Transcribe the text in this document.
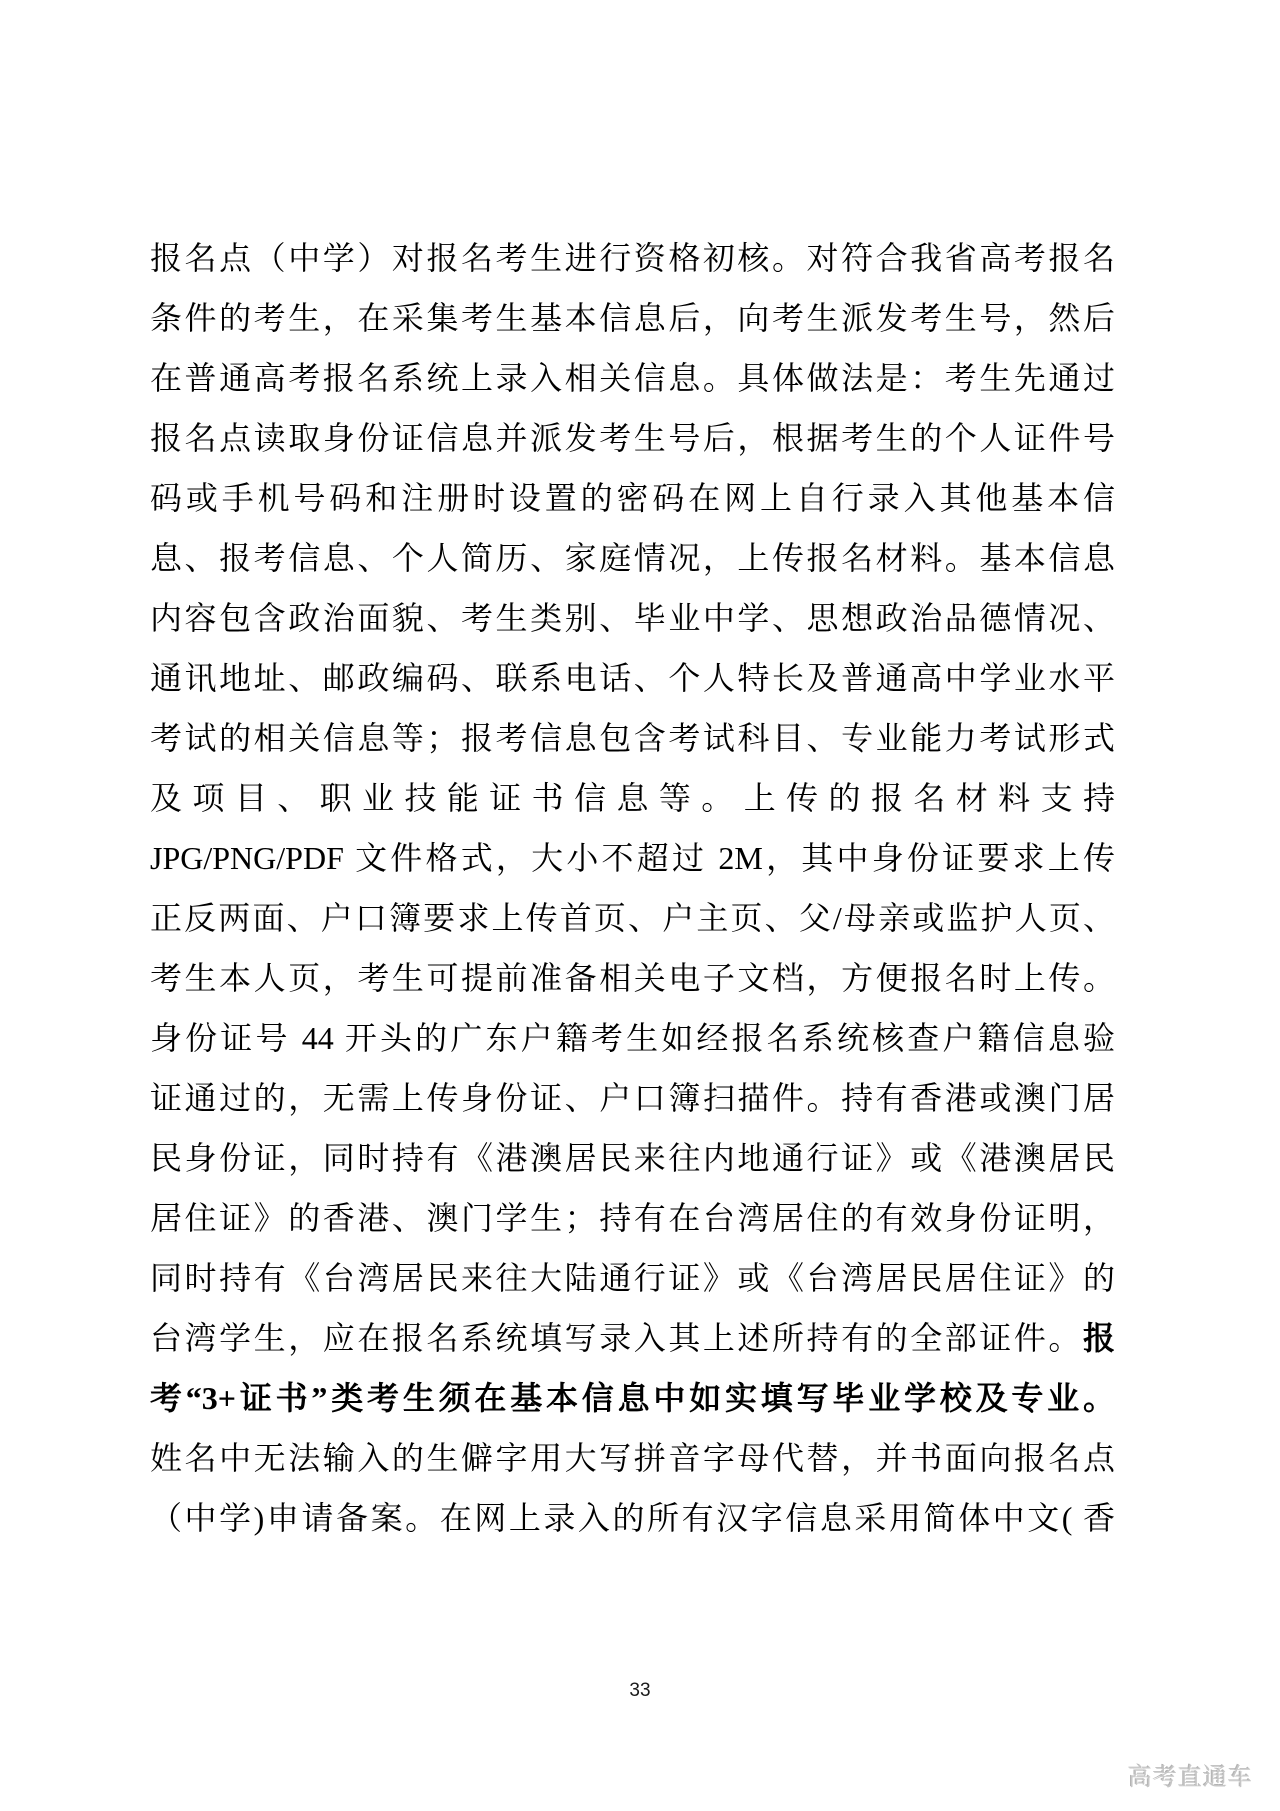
报名点（中学）对报名考生进行资格初核。对符合我省高考报名
条件的考生，在采集考生基本信息后，向考生派发考生号，然后
在普通高考报名系统上录入相关信息。具体做法是：考生先通过
报名点读取身份证信息并派发考生号后，根据考生的个人证件号
码或手机号码和注册时设置的密码在网上自行录入其他基本信
息、报考信息、个人简历、家庭情况，上传报名材料。基本信息
内容包含政治面貌、考生类别、毕业中学、思想政治品德情况、
通讯地址、邮政编码、联系电话、个人特长及普通高中学业水平
考试的相关信息等；报考信息包含考试科目、专业能力考试形式
及项目、职业技能证书信息等。上传的报名材料支持
JPG/PNG/PDF 文件格式，大小不超过 2M，其中身份证要求上传
正反两面、户口簿要求上传首页、户主页、父/母亲或监护人页、
考生本人页，考生可提前准备相关电子文档，方便报名时上传。
身份证号 44 开头的广东户籍考生如经报名系统核查户籍信息验
证通过的，无需上传身份证、户口簿扫描件。持有香港或澳门居
民身份证，同时持有《港澳居民来往内地通行证》或《港澳居民
居住证》的香港、澳门学生；持有在台湾居住的有效身份证明，
同时持有《台湾居民来往大陆通行证》或《台湾居民居住证》的
台湾学生，应在报名系统填写录入其上述所持有的全部证件。报
考“3+证书”类考生须在基本信息中如实填写毕业学校及专业。
姓名中无法输入的生僻字用大写拼音字母代替，并书面向报名点
（中学)申请备案。在网上录入的所有汉字信息采用简体中文( 香
33
高考直通车
